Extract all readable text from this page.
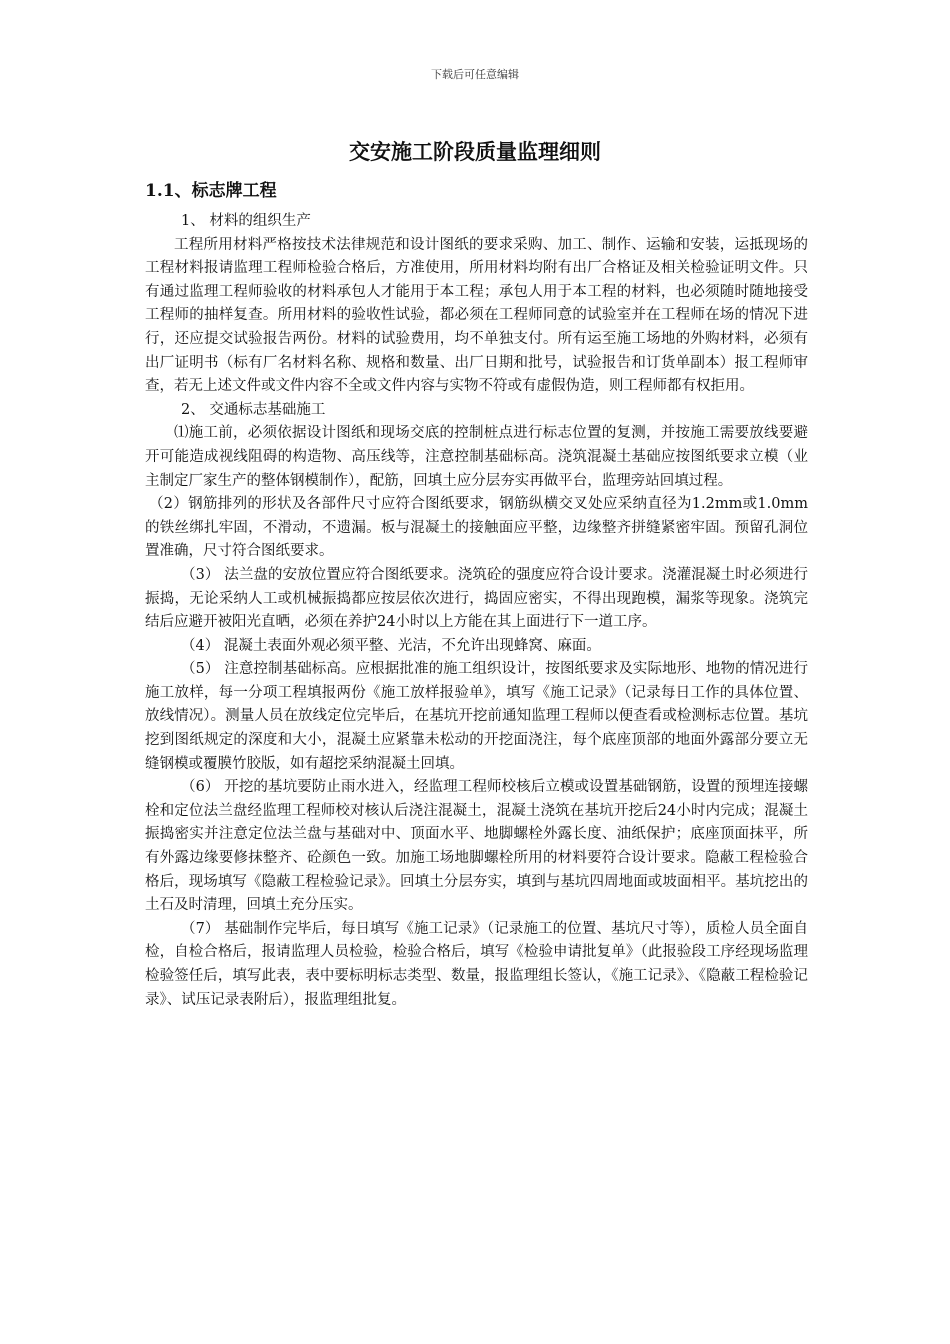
下载后可任意编辑
交安施工阶段质量监理细则
1.1、标志牌工程

1、 材料的组织生产

工程所用材料严格按技术法律规范和设计图纸的要求采购、加工、制作、运输和安装，运抵现场的工程材料报请监理工程师检验合格后，方准使用，所用材料均附有出厂合格证及相关检验证明文件。只有通过监理工程师验收的材料承包人才能用于本工程；承包人用于本工程的材料，也必须随时随地接受工程师的抽样复查。所用材料的验收性试验，都必须在工程师同意的试验室并在工程师在场的情况下进行，还应提交试验报告两份。材料的试验费用，均不单独支付。所有运至施工场地的外购材料，必须有出厂证明书（标有厂名材料名称、规格和数量、出厂日期和批号，试验报告和订货单副本）报工程师审查，若无上述文件或文件内容不全或文件内容与实物不符或有虚假伪造，则工程师都有权拒用。

2、 交通标志基础施工

⑴施工前，必须依据设计图纸和现场交底的控制桩点进行标志位置的复测，并按施工需要放线要避开可能造成视线阻碍的构造物、高压线等，注意控制基础标高。浇筑混凝土基础应按图纸要求立模（业主制定厂家生产的整体钢模制作），配筋，回填土应分层夯实再做平台，监理旁站回填过程。

（2）钢筋排列的形状及各部件尺寸应符合图纸要求，钢筋纵横交叉处应采纳直径为1.2mm或1.0mm的铁丝绑扎牢固，不滑动，不遗漏。板与混凝土的接触面应平整，边缘整齐拼缝紧密牢固。预留孔洞位置准确，尺寸符合图纸要求。

（3） 法兰盘的安放位置应符合图纸要求。浇筑砼的强度应符合设计要求。浇灌混凝土时必须进行振捣，无论采纳人工或机械振捣都应按层依次进行，捣固应密实，不得出现跑模，漏浆等现象。浇筑完结后应避开被阳光直晒，必须在养护24小时以上方能在其上面进行下一道工序。

（4） 混凝土表面外观必须平整、光洁，不允许出现蜂窝、麻面。

（5） 注意控制基础标高。应根据批准的施工组织设计，按图纸要求及实际地形、地物的情况进行施工放样，每一分项工程填报两份《施工放样报验单》，填写《施工记录》（记录每日工作的具体位置、放线情况）。测量人员在放线定位完毕后，在基坑开挖前通知监理工程师以便查看或检测标志位置。基坑挖到图纸规定的深度和大小，混凝土应紧靠未松动的开挖面浇注，每个底座顶部的地面外露部分要立无缝钢模或覆膜竹胶版，如有超挖采纳混凝土回填。

（6） 开挖的基坑要防止雨水进入，经监理工程师校核后立模或设置基础钢筋，设置的预埋连接螺栓和定位法兰盘经监理工程师校对核认后浇注混凝土，混凝土浇筑在基坑开挖后24小时内完成；混凝土振捣密实并注意定位法兰盘与基础对中、顶面水平、地脚螺栓外露长度、油纸保护；底座顶面抹平，所有外露边缘要修抹整齐、砼颜色一致。加施工场地脚螺栓所用的材料要符合设计要求。隐蔽工程检验合格后，现场填写《隐蔽工程检验记录》。回填土分层夯实，填到与基坑四周地面或坡面相平。基坑挖出的土石及时清理，回填土充分压实。

（7） 基础制作完毕后，每日填写《施工记录》（记录施工的位置、基坑尺寸等），质检人员全面自检，自检合格后，报请监理人员检验，检验合格后，填写《检验申请批复单》（此报验段工序经现场监理检验签任后，填写此表，表中要标明标志类型、数量，报监理组长签认，《施工记录》、《隐蔽工程检验记录》、试压记录表附后），报监理组批复。
